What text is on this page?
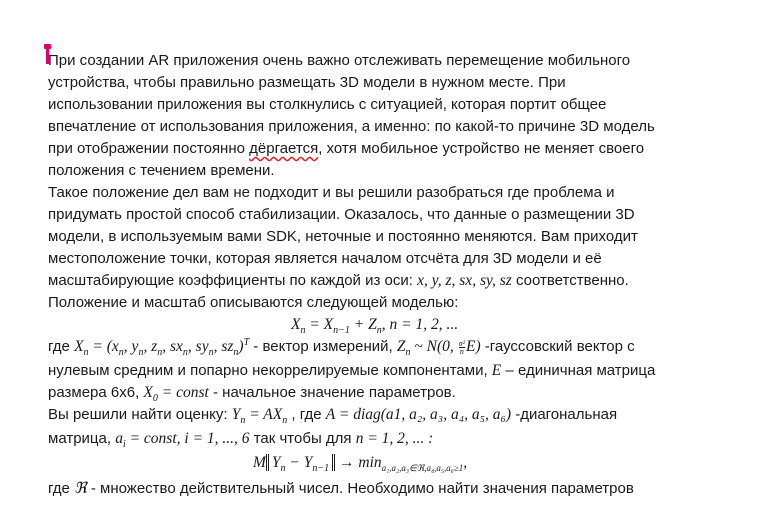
При создании AR приложения очень важно отслеживать перемещение мобильного
устройства, чтобы правильно размещать 3D модели в нужном месте. При
использовании приложения вы столкнулись с ситуацией, которая портит общее
впечатление от использования приложения, а именно: по какой-то причине 3D модель
при отображении постоянно дёргается, хотя мобильное устройство не меняет своего
положения с течением времени.
Такое положение дел вам не подходит и вы решили разобраться где проблема и
придумать простой способ стабилизации. Оказалось, что данные о размещении 3D
модели, в используемым вами SDK, неточные и постоянно меняются. Вам приходит
местоположение точки, которая является началом отсчёта для 3D модели и её
масштабирующие коэффициенты по каждой из оси: x, y, z, sx, sy, sz соответственно.
Положение и масштаб описываются следующей моделью:
$X_n = X_{n-1} + Z_n$, n = 1, 2, ...
где $X_n = (x_n$, $y_n$, $z_n$, $sx_n$, $sy_n$, $sz_n)^T$ - вектор измерений, $Z_n$ ~ N(0, $\frac{\text{σ²}}{n} E$) -гауссовский вектор с
нулевым средним и попарно некоррелируемые компонентами, E – единичная матрица
размера 6х6, $X_0$ = const - начальное значение параметров.
Вы решили найти оценку: $Y_n = AX_n$ , где A = diag(a1, a₂, a₃, a₄, a₅, a₆) -диагональная
матрица, $a_i$ = const, i = 1, ..., 6 так чтобы для n = 1, 2, ... :
M $Y_n - Y_{n-1} \to \min_{a_1,a_2,a_3\in ℜ,a_4,a_5,a_6\ge 1}$,
где ℜ - множество действительный чисел. Необходимо найти значения параметров
